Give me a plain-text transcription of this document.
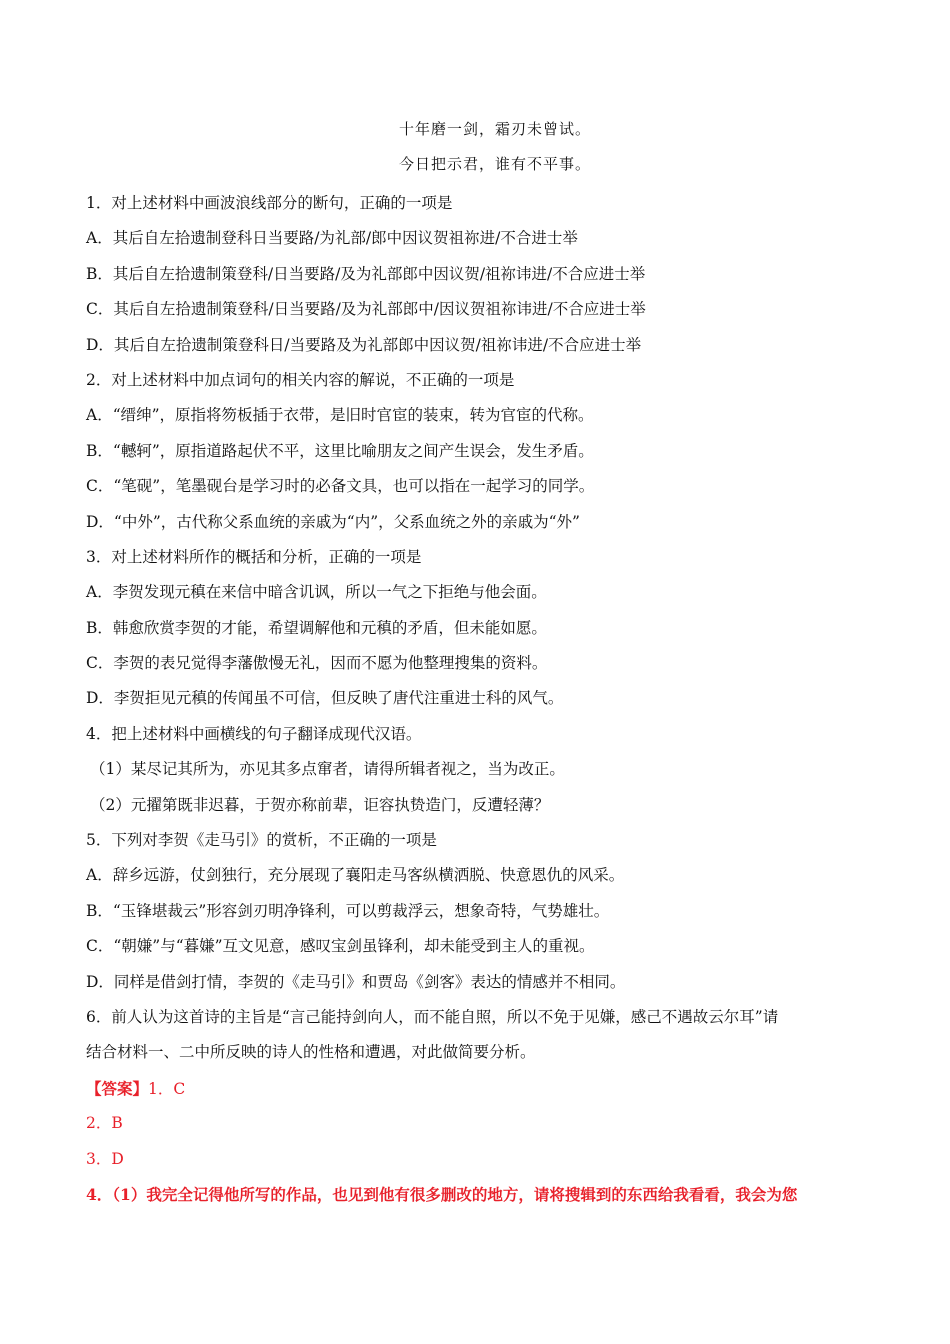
十年磨一剑，霜刃未曾试。
今日把示君，谁有不平事。
1．对上述材料中画波浪线部分的断句，正确的一项是
A．其后自左拾遗制登科日当要路/为礼部/郎中因议贺祖祢进/不合进士举
B．其后自左拾遗制策登科/日当要路/及为礼部郎中因议贺/祖祢讳进/不合应进士举
C．其后自左拾遗制策登科/日当要路/及为礼部郎中/因议贺祖祢讳进/不合应进士举
D．其后自左拾遗制策登科日/当要路及为礼部郎中因议贺/祖祢讳进/不合应进士举
2．对上述材料中加点词句的相关内容的解说，不正确的一项是
A．“缙绅”，原指将笏板插于衣带，是旧时官宦的装束，转为官宦的代称。
B．“轗轲”，原指道路起伏不平，这里比喻朋友之间产生误会，发生矛盾。
C．“笔砚”，笔墨砚台是学习时的必备文具，也可以指在一起学习的同学。
D．“中外”，古代称父系血统的亲戚为“内”，父系血统之外的亲戚为“外”
3．对上述材料所作的概括和分析，正确的一项是
A．李贺发现元稹在来信中暗含讥讽，所以一气之下拒绝与他会面。
B．韩愈欣赏李贺的才能，希望调解他和元稹的矛盾，但未能如愿。
C．李贺的表兄觉得李藩傲慢无礼，因而不愿为他整理搜集的资料。
D．李贺拒见元稹的传闻虽不可信，但反映了唐代注重进士科的风气。
4．把上述材料中画横线的句子翻译成现代汉语。
（1）某尽记其所为，亦见其多点窜者，请得所辑者视之，当为改正。
（2）元擢第既非迟暮，于贺亦称前辈，讵容执贽造门，反遭轻薄？
5．下列对李贺《走马引》的赏析，不正确的一项是
A．辞乡远游，仗剑独行，充分展现了襄阳走马客纵横洒脱、快意恩仇的风采。
B．“玉锋堪裁云”形容剑刃明净锋利，可以剪裁浮云，想象奇特，气势雄壮。
C．“朝嫌”与“暮嫌”互文见意，感叹宝剑虽锋利，却未能受到主人的重视。
D．同样是借剑打情，李贺的《走马引》和贾岛《剑客》表达的情感并不相同。
6．前人认为这首诗的主旨是“言己能持剑向人，而不能自照，所以不免于见嫌，感己不遇故云尔耳”请
结合材料一、二中所反映的诗人的性格和遭遇，对此做简要分析。
【答案】1．C
2．B
3．D
4．（1）我完全记得他所写的作品，也见到他有很多删改的地方，请将搜辑到的东西给我看看，我会为您
